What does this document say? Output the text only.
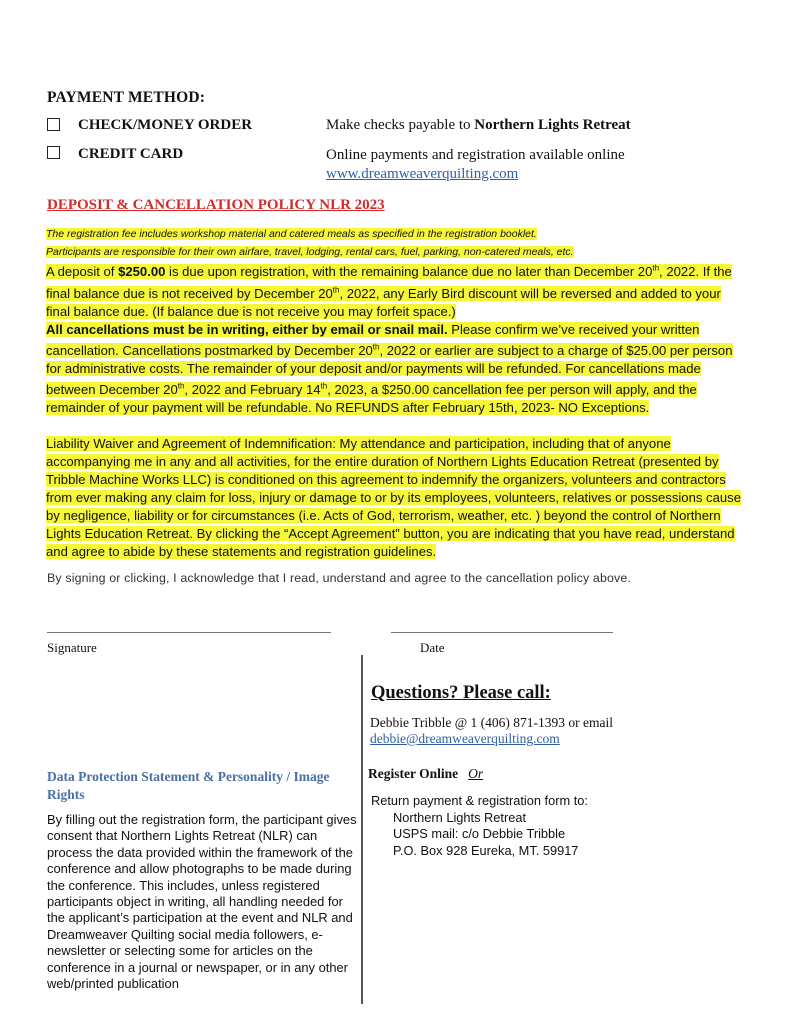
PAYMENT METHOD:
CHECK/MONEY ORDER	Make checks payable to Northern Lights Retreat
CREDIT CARD	Online payments and registration available online
www.dreamweaverquilting.com
DEPOSIT & CANCELLATION POLICY NLR 2023

The registration fee includes workshop material and catered meals as specified in the registration booklet.

Participants are responsible for their own airfare, travel, lodging, rental cars, fuel, parking, non-catered meals, etc.

A deposit of $250.00 is due upon registration, with the remaining balance due no later than December 20th, 2022. If the final balance due is not received by December 20th, 2022, any Early Bird discount will be reversed and added to your final balance due. (If balance due is not receive you may forfeit space.)

All cancellations must be in writing, either by email or snail mail. Please confirm we’ve received your written cancellation. Cancellations postmarked by December 20th, 2022 or earlier are subject to a charge of $25.00 per person for administrative costs. The remainder of your deposit and/or payments will be refunded. For cancellations made between December 20th, 2022 and February 14th, 2023, a $250.00 cancellation fee per person will apply, and the remainder of your payment will be refundable. No REFUNDS after February 15th, 2023- NO Exceptions.

Liability Waiver and Agreement of Indemnification: My attendance and participation, including that of anyone accompanying me in any and all activities, for the entire duration of Northern Lights Education Retreat (presented by Tribble Machine Works LLC) is conditioned on this agreement to indemnify the organizers, volunteers and contractors from ever making any claim for loss, injury or damage to or by its employees, volunteers, relatives or possessions cause by negligence, liability or for circumstances (i.e. Acts of God, terrorism, weather, etc. ) beyond the control of Northern Lights Education Retreat. By clicking the “Accept Agreement” button, you are indicating that you have read, understand and agree to abide by these statements and registration guidelines.

By signing or clicking, I acknowledge that I read, understand and agree to the cancellation policy above.
Signature	Date
Questions? Please call:
Debbie Tribble @ 1 (406) 871-1393 or email
debbie@dreamweaverquilting.com
Register Online Or
Return payment & registration form to:
Northern Lights Retreat
USPS mail: c/o Debbie Tribble
P.O. Box 928 Eureka, MT. 59917
Data Protection Statement & Personality / Image Rights
By filling out the registration form, the participant gives consent that Northern Lights Retreat (NLR) can process the data provided within the framework of the conference and allow photographs to be made during the conference. This includes, unless registered participants object in writing, all handling needed for the applicant’s participation at the event and NLR and Dreamweaver Quilting social media followers, e-newsletter or selecting some for articles on the conference in a journal or newspaper, or in any other web/printed publication
